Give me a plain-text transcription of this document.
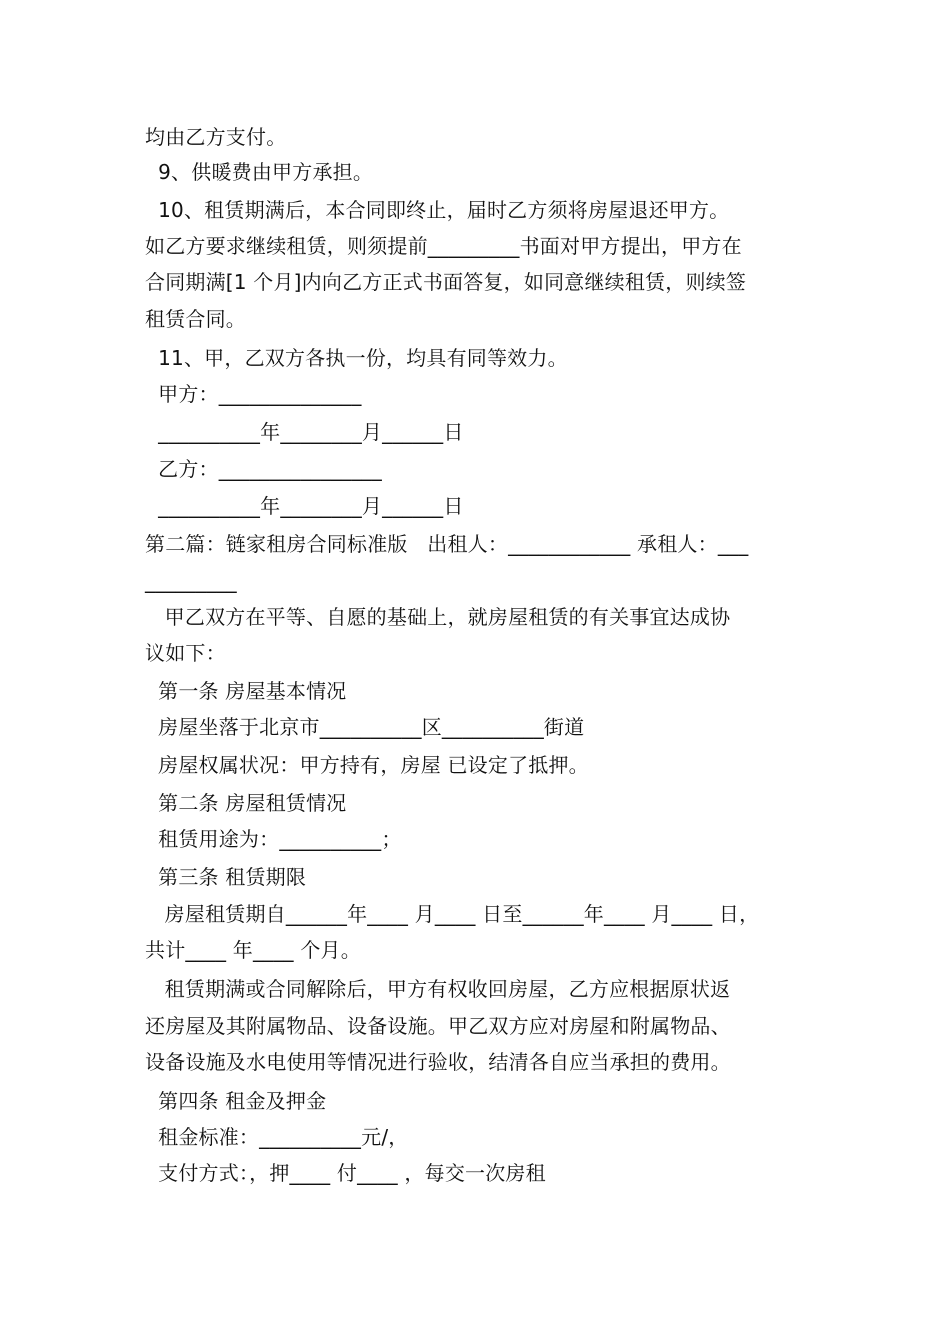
均由乙方支付。
9、供暖费由甲方承担。
10、租赁期满后，本合同即终止，届时乙方须将房屋退还甲方。
如乙方要求继续租赁，则须提前_________书面对甲方提出，甲方在
合同期满[1 个月]内向乙方正式书面答复，如同意继续租赁，则续签
租赁合同。
11、甲，乙双方各执一份，均具有同等效力。
甲方：______________
__________年________月______日
乙方：________________
__________年________月______日
第二篇：链家租房合同标准版   出租人：____________ 承租人：___
_________
甲乙双方在平等、自愿的基础上，就房屋租赁的有关事宜达成协
议如下：
第一条 房屋基本情况
房屋坐落于北京市__________区__________街道
房屋权属状况：甲方持有，房屋 已设定了抵押。
第二条 房屋租赁情况
租赁用途为：__________；
第三条 租赁期限
房屋租赁期自______年____ 月____ 日至______年____ 月____ 日，
共计____ 年____ 个月。
租赁期满或合同解除后，甲方有权收回房屋，乙方应根据原状返
还房屋及其附属物品、设备设施。甲乙双方应对房屋和附属物品、
设备设施及水电使用等情况进行验收，结清各自应当承担的费用。
第四条 租金及押金
租金标准：__________元/，
支付方式：，押____ 付____ ，每交一次房租
